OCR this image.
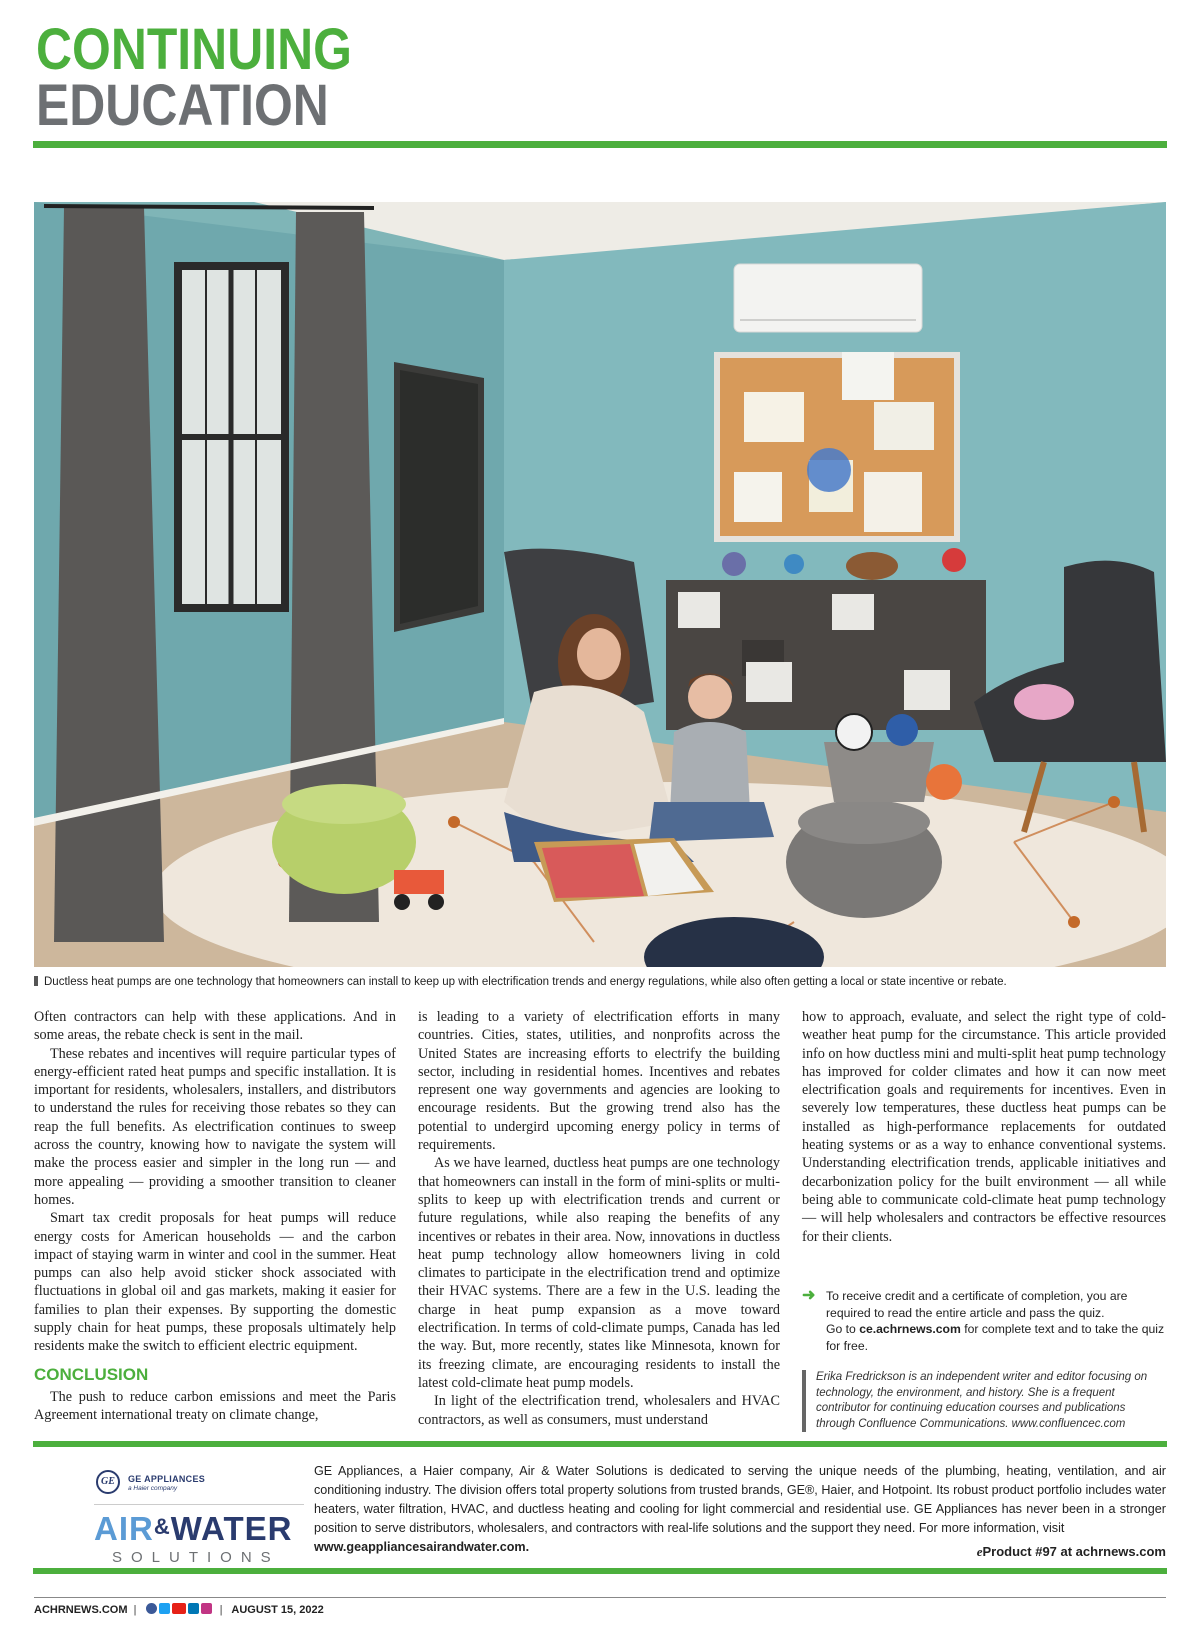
CONTINUING
EDUCATION
Ductless heat pumps are one technology that homeowners can install to keep up with electrification trends and energy regulations, while also often getting a local or state incentive or rebate.

Often contractors can help with these applications. And in some areas, the rebate check is sent in the mail.

These rebates and incentives will require particular types of energy-efficient rated heat pumps and specific installation. It is important for residents, wholesalers, installers, and distributors to understand the rules for receiving those rebates so they can reap the full benefits. As electrification continues to sweep across the country, knowing how to navigate the system will make the process easier and simpler in the long run — and more appealing — providing a smoother transition to cleaner homes.

Smart tax credit proposals for heat pumps will reduce energy costs for American households — and the carbon impact of staying warm in winter and cool in the summer. Heat pumps can also help avoid sticker shock associated with fluctuations in global oil and gas markets, making it easier for families to plan their expenses. By supporting the domestic supply chain for heat pumps, these proposals ultimately help residents make the switch to efficient electric equipment.

CONCLUSION

The push to reduce carbon emissions and meet the Paris Agreement international treaty on climate change,

is leading to a variety of electrification efforts in many countries. Cities, states, utilities, and nonprofits across the United States are increasing efforts to electrify the building sector, including in residential homes. Incentives and rebates represent one way governments and agencies are looking to encourage residents. But the growing trend also has the potential to undergird upcoming energy policy in terms of requirements.

As we have learned, ductless heat pumps are one technology that homeowners can install in the form of mini-splits or multi-splits to keep up with electrification trends and current or future regulations, while also reaping the benefits of any incentives or rebates in their area. Now, innovations in ductless heat pump technology allow homeowners living in cold climates to participate in the electrification trend and optimize their HVAC systems. There are a few in the U.S. leading the charge in heat pump expansion as a move toward electrification. In terms of cold-climate pumps, Canada has led the way. But, more recently, states like Minnesota, known for its freezing climate, are encouraging residents to install the latest cold-climate heat pump models.

In light of the electrification trend, wholesalers and HVAC contractors, as well as consumers, must understand

how to approach, evaluate, and select the right type of cold-weather heat pump for the circumstance. This article provided info on how ductless mini and multi-split heat pump technology has improved for colder climates and how it can now meet electrification goals and requirements for incentives. Even in severely low temperatures, these ductless heat pumps can be installed as high-performance replacements for outdated heating systems or as a way to enhance conventional systems. Understanding electrification trends, applicable initiatives and decarbonization policy for the built environment — all while being able to communicate cold-climate heat pump technology — will help wholesalers and contractors be effective resources for their clients.

➜ To receive credit and a certificate of completion, you are required to read the entire article and pass the quiz.
Go to ce.achrnews.com for complete text and to take the quiz for free.
Erika Fredrickson is an independent writer and editor focusing on technology, the environment, and history. She is a frequent contributor for continuing education courses and publications through Confluence Communications. www.confluencec.com
GE	GE APPLIANCES
a Haier company
AIR&WATER
SOLUTIONS
GE Appliances, a Haier company, Air & Water Solutions is dedicated to serving the unique needs of the plumbing, heating, ventilation, and air conditioning industry. The division offers total property solutions from trusted brands, GE®, Haier, and Hotpoint. Its robust product portfolio includes water heaters, water filtration, HVAC, and ductless heating and cooling for light commercial and residential use. GE Appliances has never been in a stronger position to serve distributors, wholesalers, and contractors with real-life solutions and the support they need. For more information, visit
www.geappliancesairandwater.com.	eProduct #97 at achrnews.com
ACHRNEWS.COM |	| AUGUST 15, 2022
